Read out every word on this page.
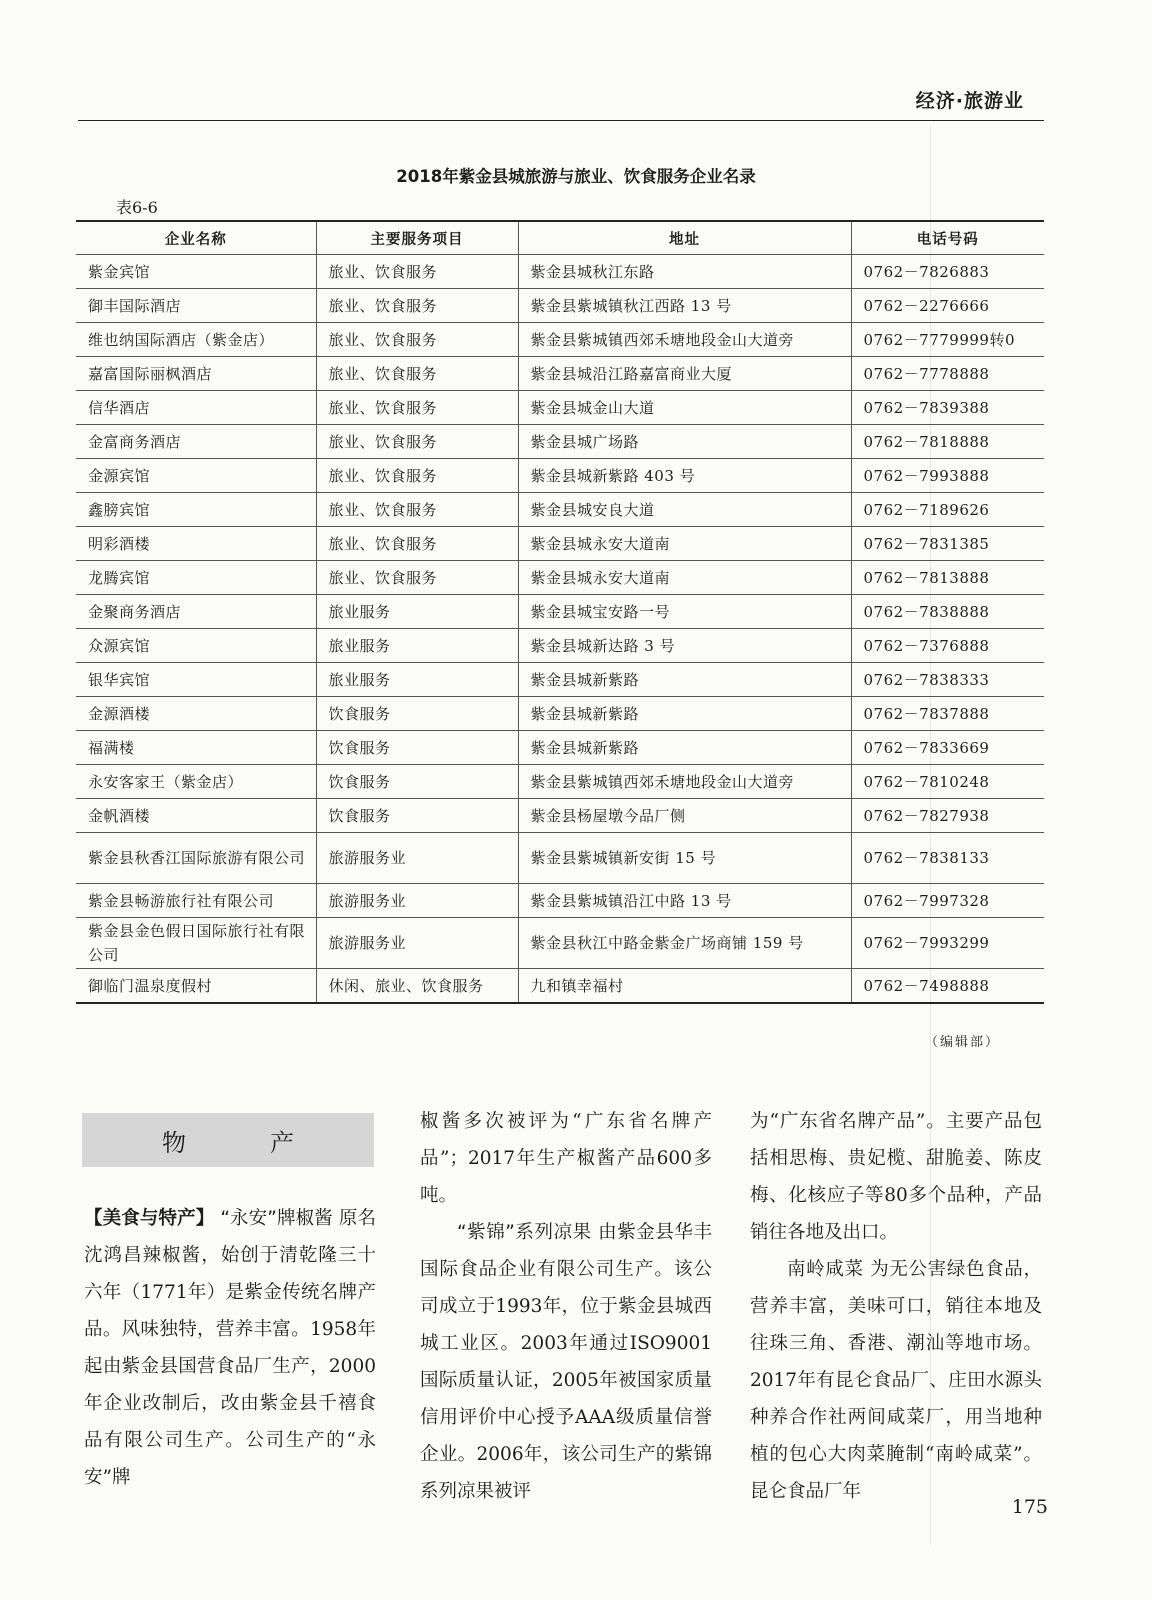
经济·旅游业
2018年紫金县城旅游与旅业、饮食服务企业名录
表6-6
企业名称	主要服务项目	地址	电话号码
紫金宾馆	旅业、饮食服务	紫金县城秋江东路	0762－7826883
御丰国际酒店	旅业、饮食服务	紫金县紫城镇秋江西路 13 号	0762－2276666
维也纳国际酒店（紫金店）	旅业、饮食服务	紫金县紫城镇西郊禾塘地段金山大道旁	0762－7779999转0
嘉富国际丽枫酒店	旅业、饮食服务	紫金县城沿江路嘉富商业大厦	0762－7778888
信华酒店	旅业、饮食服务	紫金县城金山大道	0762－7839388
金富商务酒店	旅业、饮食服务	紫金县城广场路	0762－7818888
金源宾馆	旅业、饮食服务	紫金县城新紫路 403 号	0762－7993888
鑫膀宾馆	旅业、饮食服务	紫金县城安良大道	0762－7189626
明彩酒楼	旅业、饮食服务	紫金县城永安大道南	0762－7831385
龙腾宾馆	旅业、饮食服务	紫金县城永安大道南	0762－7813888
金聚商务酒店	旅业服务	紫金县城宝安路一号	0762－7838888
众源宾馆	旅业服务	紫金县城新达路 3 号	0762－7376888
银华宾馆	旅业服务	紫金县城新紫路	0762－7838333
金源酒楼	饮食服务	紫金县城新紫路	0762－7837888
福满楼	饮食服务	紫金县城新紫路	0762－7833669
永安客家王（紫金店）	饮食服务	紫金县紫城镇西郊禾塘地段金山大道旁	0762－7810248
金帆酒楼	饮食服务	紫金县杨屋墩今品厂侧	0762－7827938
紫金县秋香江国际旅游有限公司	旅游服务业	紫金县紫城镇新安街 15 号	0762－7838133
紫金县畅游旅行社有限公司	旅游服务业	紫金县紫城镇沿江中路 13 号	0762－7997328
紫金县金色假日国际旅行社有限公司	旅游服务业	紫金县秋江中路金紫金广场商铺 159 号	0762－7993299
御临门温泉度假村	休闲、旅业、饮食服务	九和镇幸福村	0762－7498888
（编辑部）
物　产

【美食与特产】 “永安”牌椒酱 原名沈鸿昌辣椒酱，始创于清乾隆三十六年（1771年）是紫金传统名牌产品。风味独特，营养丰富。1958年起由紫金县国营食品厂生产，2000年企业改制后，改由紫金县千禧食品有限公司生产。公司生产的“永安”牌

椒酱多次被评为“广东省名牌产品”；2017年生产椒酱产品600多吨。

“紫锦”系列凉果 由紫金县华丰国际食品企业有限公司生产。该公司成立于1993年，位于紫金县城西城工业区。2003年通过ISO9001国际质量认证，2005年被国家质量信用评价中心授予AAA级质量信誉企业。2006年，该公司生产的紫锦系列凉果被评

为“广东省名牌产品”。主要产品包括相思梅、贵妃榄、甜脆姜、陈皮梅、化核应子等80多个品种，产品销往各地及出口。

南岭咸菜 为无公害绿色食品，营养丰富，美味可口，销往本地及往珠三角、香港、潮汕等地市场。2017年有昆仑食品厂、庄田水源头种养合作社两间咸菜厂，用当地种植的包心大肉菜腌制“南岭咸菜”。昆仑食品厂年

175
